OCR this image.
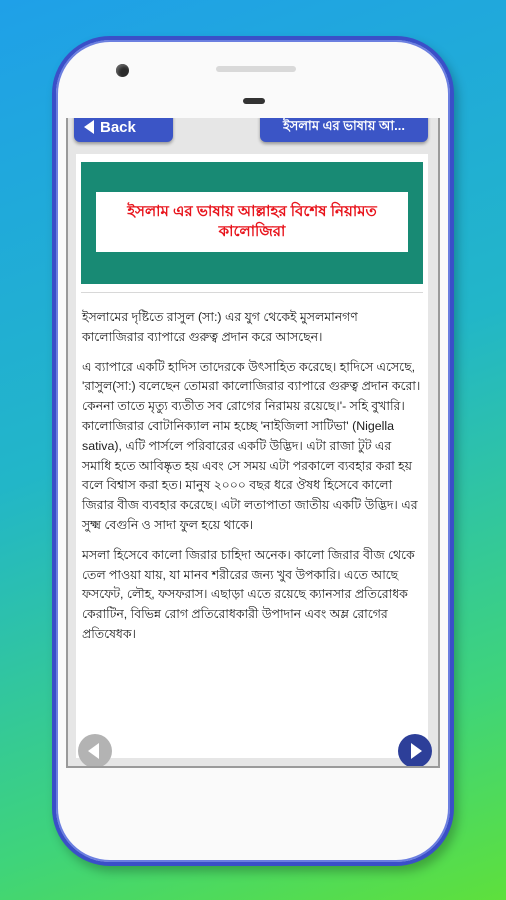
Back	ইসলাম এর ভাষায় আ...
ইসলাম এর ভাষায় আল্লাহর বিশেষ নিয়ামত
কালোজিরা

ইসলামের দৃষ্টিতে রাসুল (সা:) এর যুগ থেকেই মুসলমানগণ কালোজিরার ব্যাপারে গুরুত্ব প্রদান করে আসছেন।

এ ব্যাপারে একটি হাদিস তাদেরকে উৎসাহিত করেছে। হাদিসে এসেছে, 'রাসুল(সা:) বলেছেন তোমরা কালোজিরার ব্যাপারে গুরুত্ব প্রদান করো। কেননা তাতে মৃত্যু ব্যতীত সব রোগের নিরাময় রয়েছে।'- সহি বুখারি।কালোজিরার বোটানিক্যাল নাম হচ্ছে 'নাইজিলা সাটিভা' (Nigella sativa), এটি পার্সলে পরিবারের একটি উদ্ভিদ। এটা রাজা টুট এর সমাধি হতে আবিষ্কৃত হয় এবং সে সময় এটা পরকালে ব্যবহার করা হয় বলে বিশ্বাস করা হত। মানুষ ২০০০ বছর ধরে ঔষধ হিসেবে কালো জিরার বীজ ব্যবহার করেছে। এটা লতাপাতা জাতীয় একটি উদ্ভিদ। এর সুক্ষ্ম বেগুনি ও সাদা ফুল হয়ে থাকে।

মসলা হিসেবে কালো জিরার চাহিদা অনেক। কালো জিরার বীজ থেকে তেল পাওয়া যায়, যা মানব শরীরের জন্য খুব উপকারি। এতে আছে ফসফেট, লৌহ, ফসফরাস। এছাড়া এতে রয়েছে ক্যানসার প্রতিরোধক কেরাটিন, বিভিন্ন রোগ প্রতিরোধকারী উপাদান এবং অম্ল রোগের প্রতিষেধক।
